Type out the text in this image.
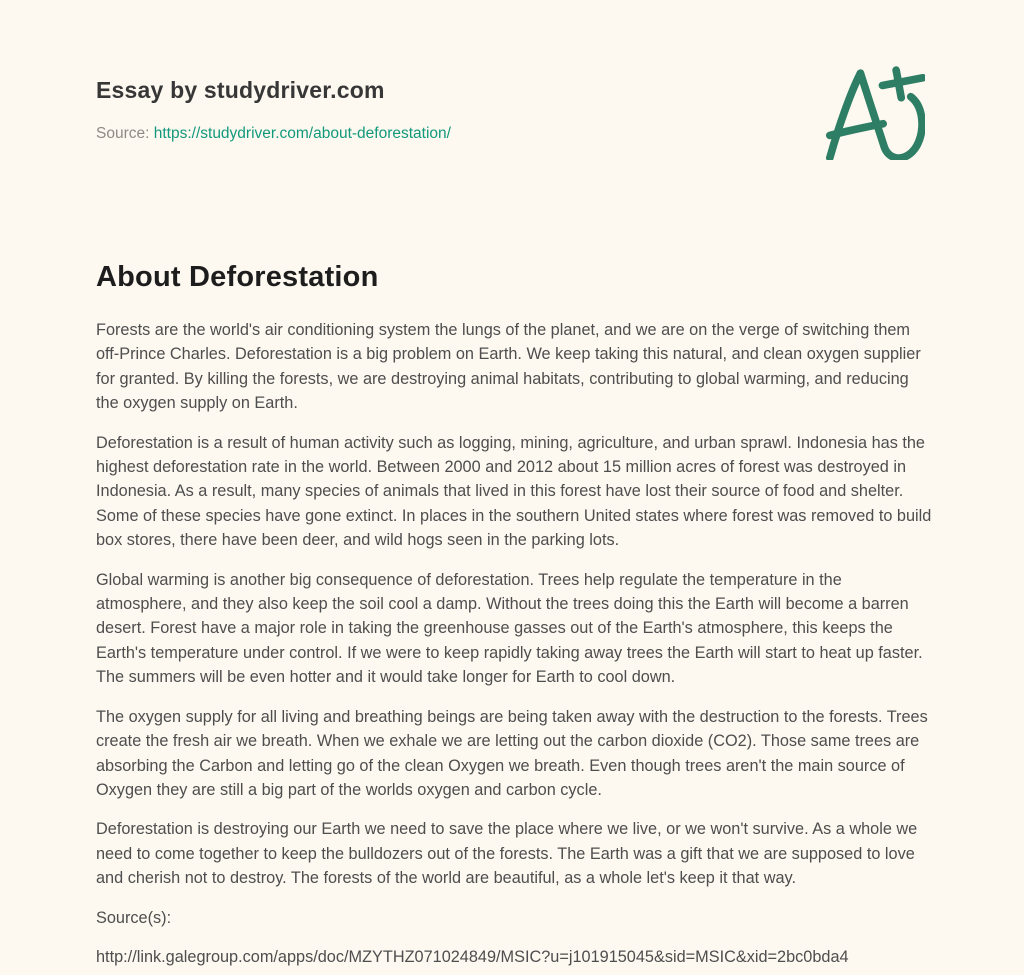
Essay by studydriver.com
Source: https://studydriver.com/about-deforestation/
About Deforestation

Forests are the world's air conditioning system the lungs of the planet, and we are on the verge of switching them off-Prince Charles. Deforestation is a big problem on Earth. We keep taking this natural, and clean oxygen supplier for granted. By killing the forests, we are destroying animal habitats, contributing to global warming, and reducing the oxygen supply on Earth.

Deforestation is a result of human activity such as logging, mining, agriculture, and urban sprawl. Indonesia has the highest deforestation rate in the world. Between 2000 and 2012 about 15 million acres of forest was destroyed in Indonesia. As a result, many species of animals that lived in this forest have lost their source of food and shelter. Some of these species have gone extinct. In places in the southern United states where forest was removed to build box stores, there have been deer, and wild hogs seen in the parking lots.

Global warming is another big consequence of deforestation. Trees help regulate the temperature in the atmosphere, and they also keep the soil cool a damp. Without the trees doing this the Earth will become a barren desert. Forest have a major role in taking the greenhouse gasses out of the Earth's atmosphere, this keeps the Earth's temperature under control. If we were to keep rapidly taking away trees the Earth will start to heat up faster. The summers will be even hotter and it would take longer for Earth to cool down.

The oxygen supply for all living and breathing beings are being taken away with the destruction to the forests. Trees create the fresh air we breath. When we exhale we are letting out the carbon dioxide (CO2). Those same trees are absorbing the Carbon and letting go of the clean Oxygen we breath. Even though trees aren't the main source of Oxygen they are still a big part of the worlds oxygen and carbon cycle.

Deforestation is destroying our Earth we need to save the place where we live, or we won't survive. As a whole we need to come together to keep the bulldozers out of the forests. The Earth was a gift that we are supposed to love and cherish not to destroy. The forests of the world are beautiful, as a whole let's keep it that way.

Source(s):

http://link.galegroup.com/apps/doc/MZYTHZ071024849/MSIC?u=j101915045&sid=MSIC&xid=2bc0bda4
